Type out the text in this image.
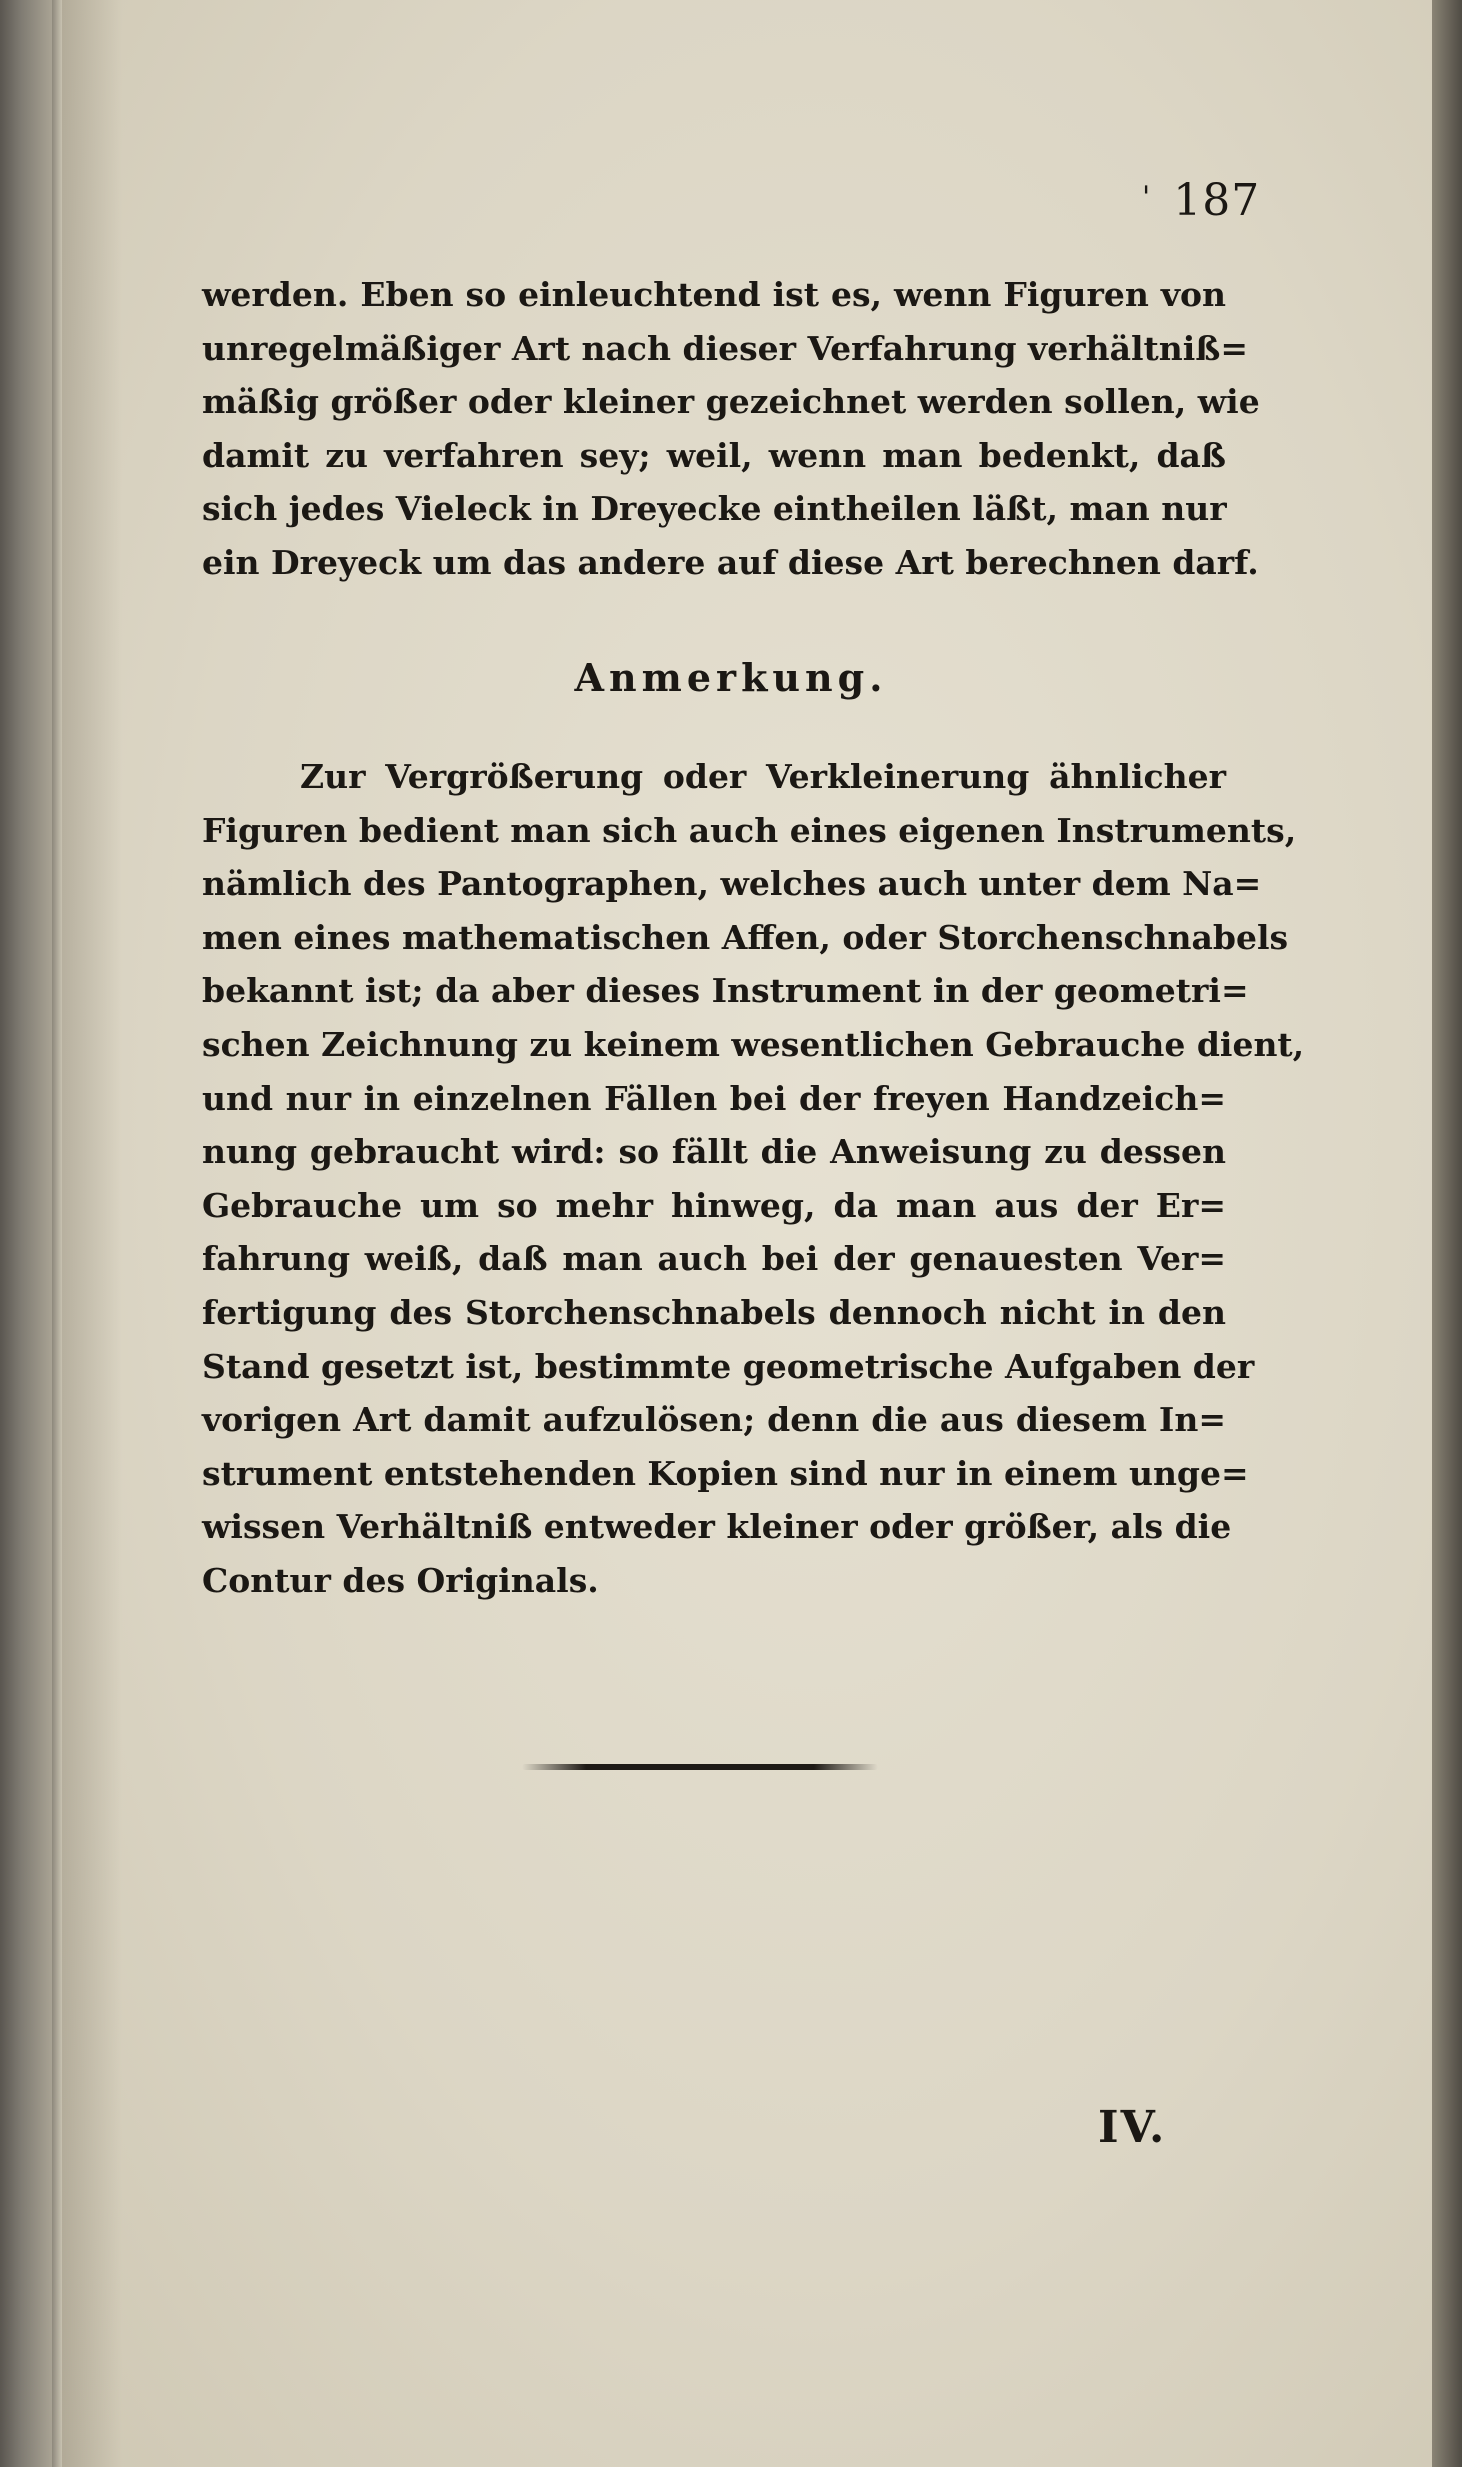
' 187
werden. Eben so einleuchtend ist es, wenn Figuren von
unregelmäßiger Art nach dieser Verfahrung verhältniß=
mäßig größer oder kleiner gezeichnet werden sollen, wie
damit zu verfahren sey; weil, wenn man bedenkt, daß
sich jedes Vieleck in Dreyecke eintheilen läßt, man nur
ein Dreyeck um das andere auf diese Art berechnen darf.
Anmerkung.
Zur Vergrößerung oder Verkleinerung ähnlicher
Figuren bedient man sich auch eines eigenen Instruments,
nämlich des Pantographen, welches auch unter dem Na=
men eines mathematischen Affen, oder Storchenschnabels
bekannt ist; da aber dieses Instrument in der geometri=
schen Zeichnung zu keinem wesentlichen Gebrauche dient,
und nur in einzelnen Fällen bei der freyen Handzeich=
nung gebraucht wird: so fällt die Anweisung zu dessen
Gebrauche um so mehr hinweg, da man aus der Er=
fahrung weiß, daß man auch bei der genauesten Ver=
fertigung des Storchenschnabels dennoch nicht in den
Stand gesetzt ist, bestimmte geometrische Aufgaben der
vorigen Art damit aufzulösen; denn die aus diesem In=
strument entstehenden Kopien sind nur in einem unge=
wissen Verhältniß entweder kleiner oder größer, als die
Contur des Originals.
IV.
